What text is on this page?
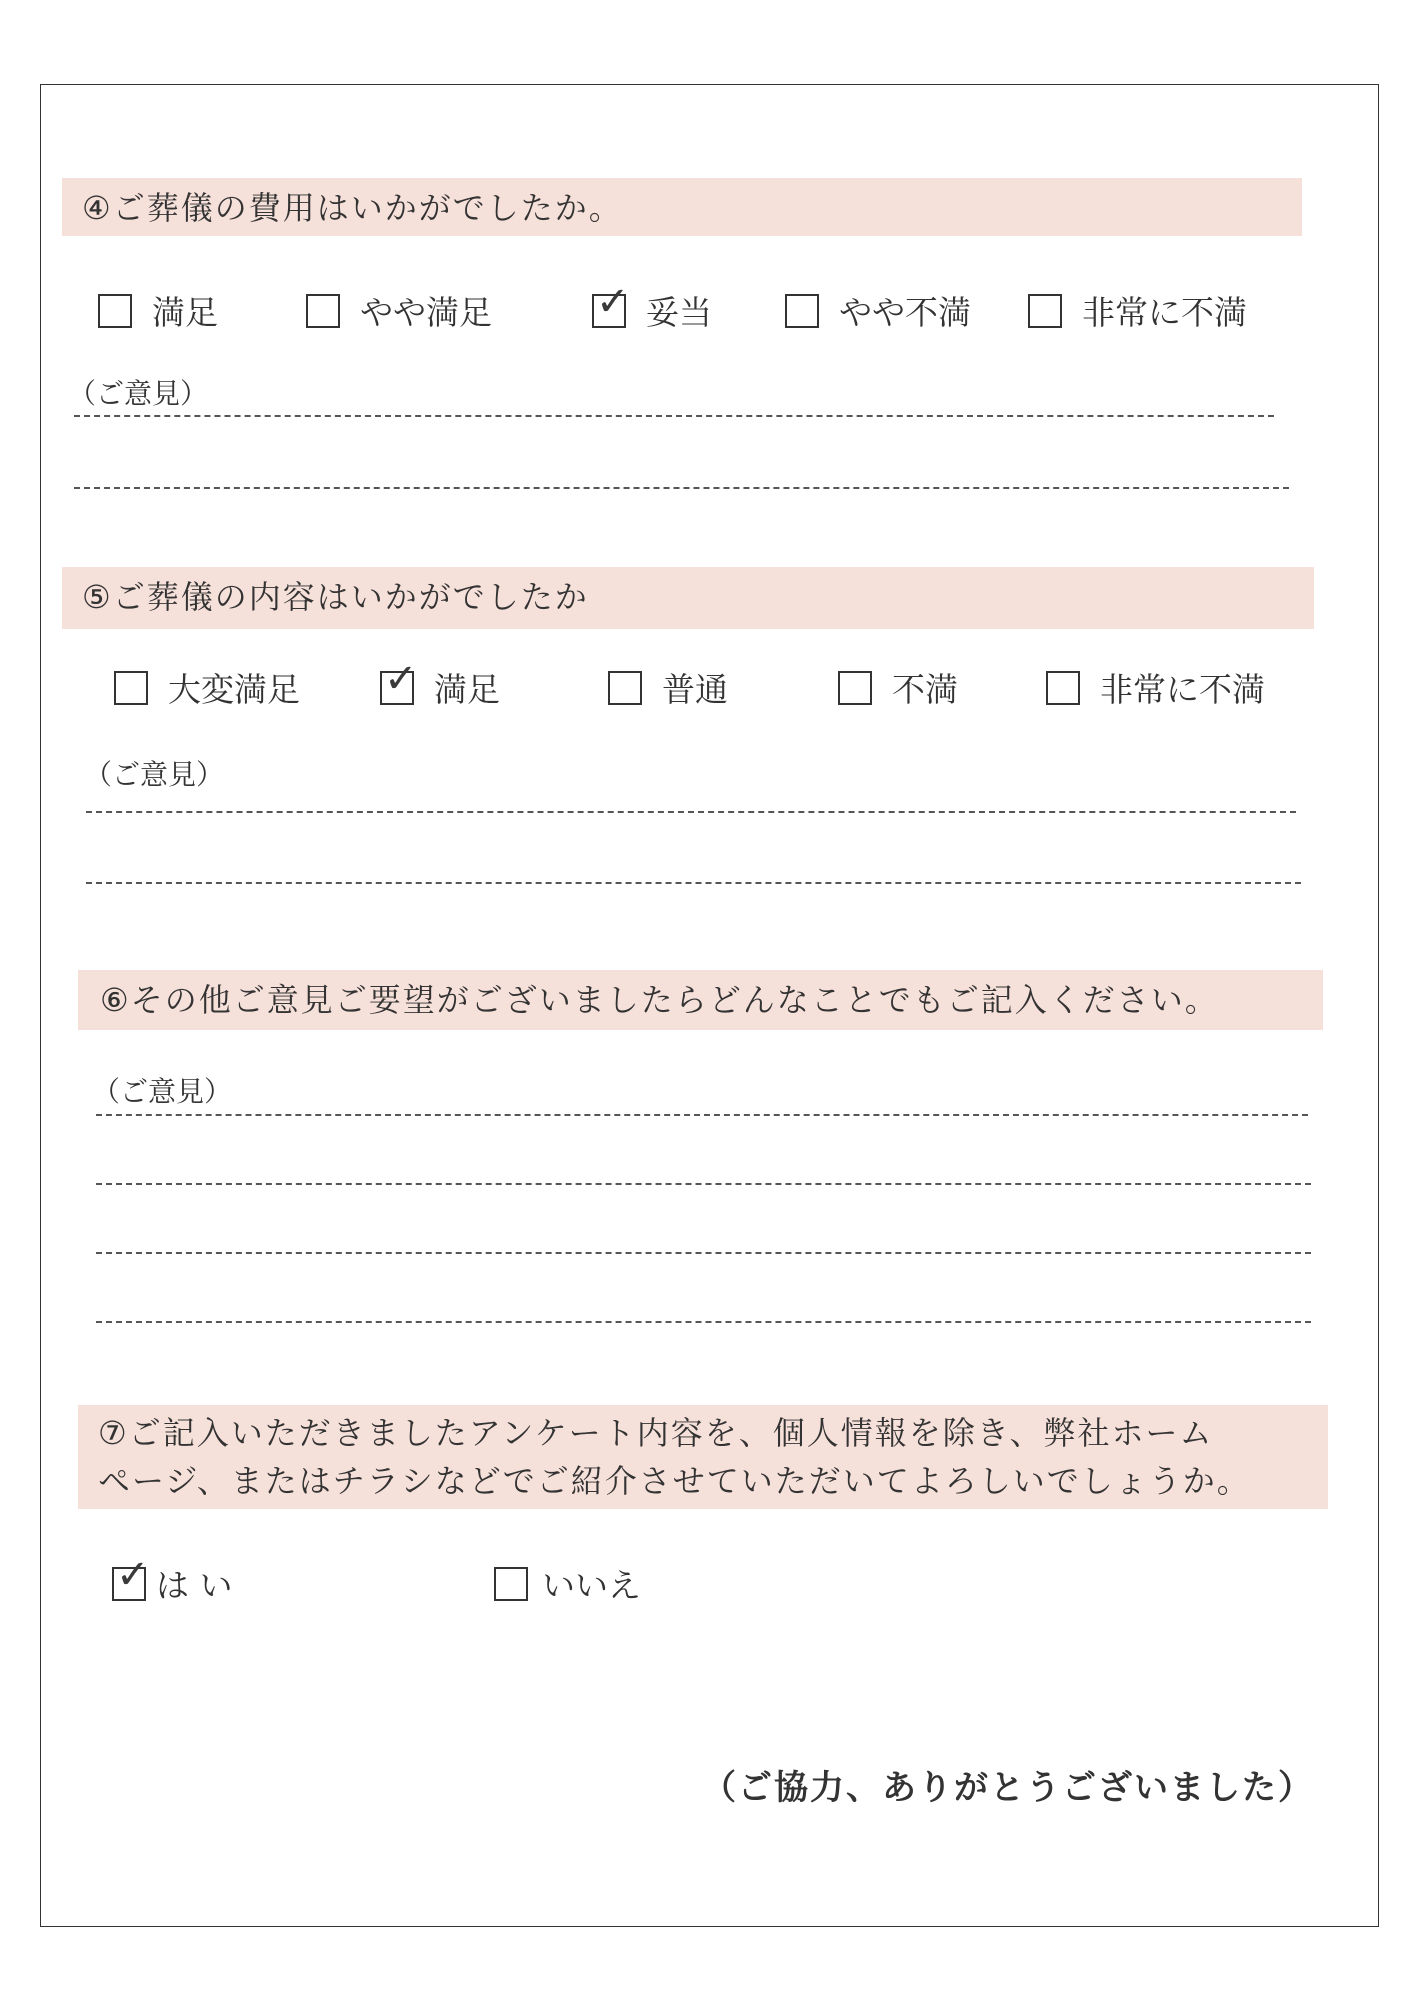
④ご葬儀の費用はいかがでしたか。
満足	やや満足	✓ 妥当	やや不満	非常に不満
（ご意見）
⑤ご葬儀の内容はいかがでしたか
大変満足 ✓ 満足	普通	不満	非常に不満
（ご意見）
⑥その他ご意見ご要望がございましたらどんなことでもご記入ください。
（ご意見）
⑦ご記入いただきましたアンケート内容を、個人情報を除き、弊社ホーム
ページ、またはチラシなどでご紹介させていただいてよろしいでしょうか。
✓ は い	いいえ
（ご協力、ありがとうございました）
